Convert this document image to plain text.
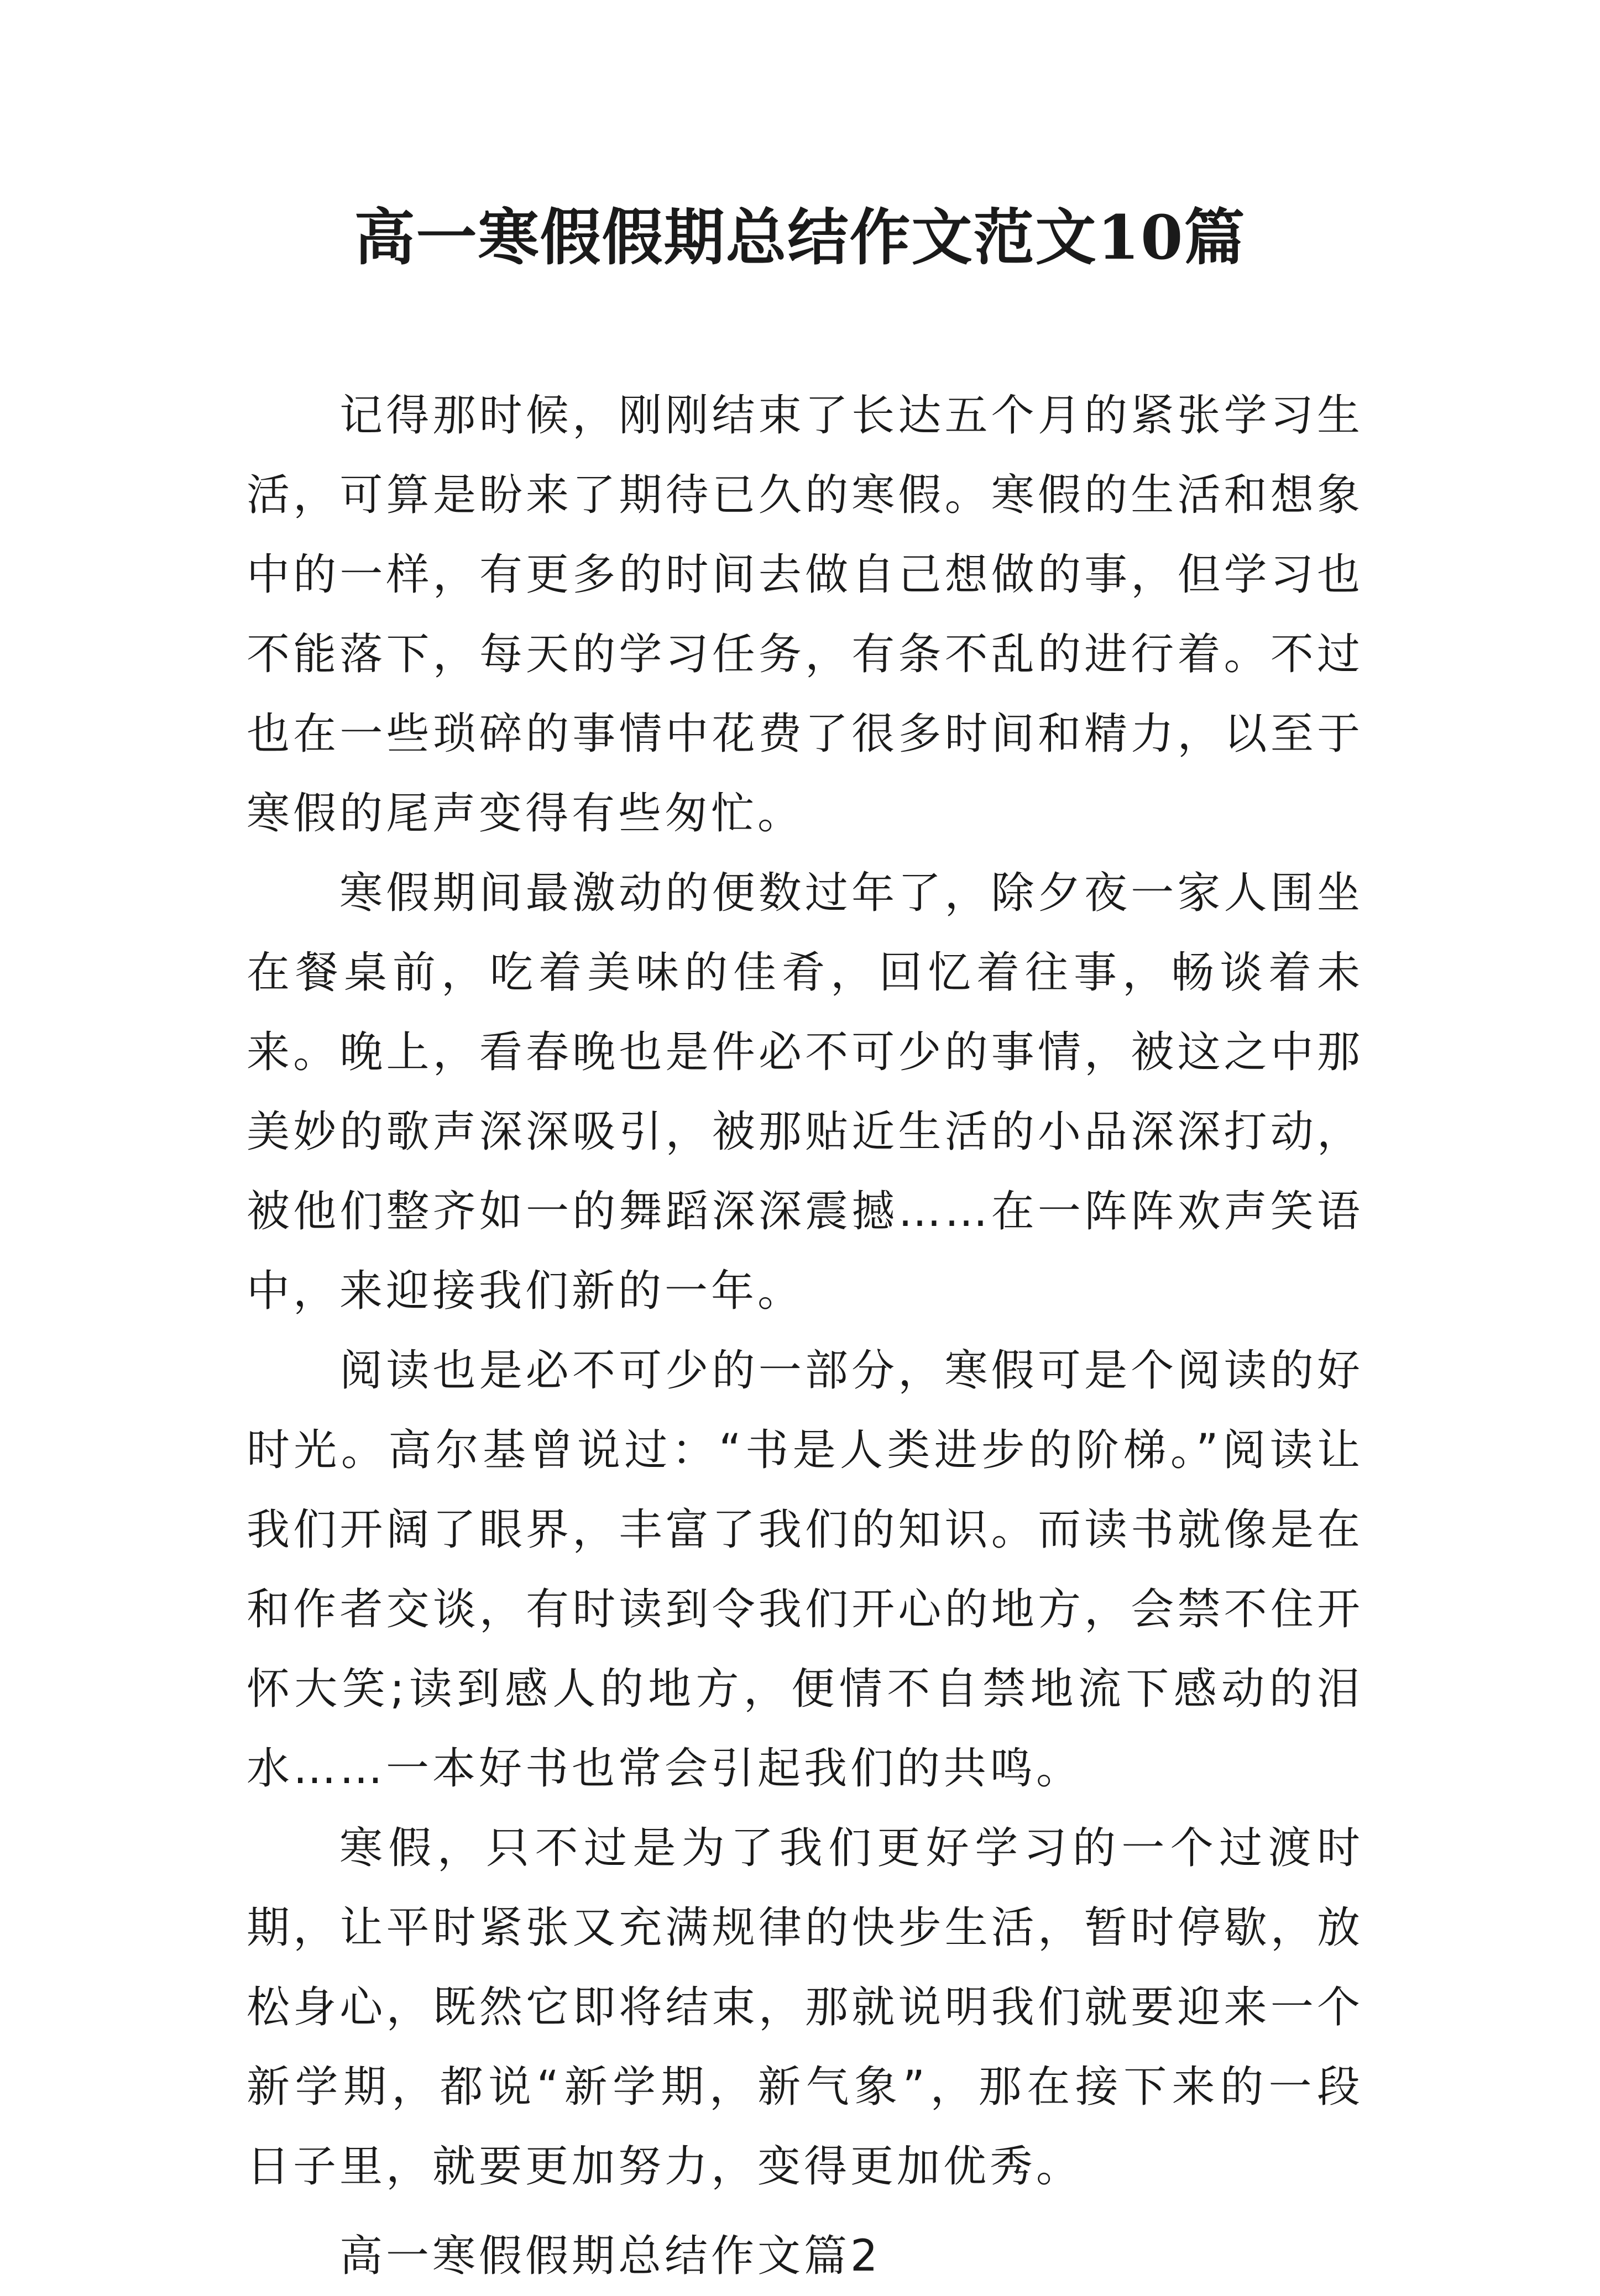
高一寒假假期总结作文范文10篇

记得那时候，刚刚结束了长达五个月的紧张学习生活，可算是盼来了期待已久的寒假。寒假的生活和想象中的一样，有更多的时间去做自己想做的事，但学习也不能落下，每天的学习任务，有条不乱的进行着。不过也在一些琐碎的事情中花费了很多时间和精力，以至于寒假的尾声变得有些匆忙。

寒假期间最激动的便数过年了，除夕夜一家人围坐在餐桌前，吃着美味的佳肴，回忆着往事，畅谈着未来。晚上，看春晚也是件必不可少的事情，被这之中那美妙的歌声深深吸引，被那贴近生活的小品深深打动，被他们整齐如一的舞蹈深深震撼……在一阵阵欢声笑语中，来迎接我们新的一年。

阅读也是必不可少的一部分，寒假可是个阅读的好时光。高尔基曾说过：“书是人类进步的阶梯。”阅读让我们开阔了眼界，丰富了我们的知识。而读书就像是在和作者交谈，有时读到令我们开心的地方，会禁不住开怀大笑;读到感人的地方，便情不自禁地流下感动的泪水……一本好书也常会引起我们的共鸣。

寒假，只不过是为了我们更好学习的一个过渡时期，让平时紧张又充满规律的快步生活，暂时停歇，放松身心，既然它即将结束，那就说明我们就要迎来一个新学期，都说“新学期，新气象”，那在接下来的一段日子里，就要更加努力，变得更加优秀。

高一寒假假期总结作文篇2
